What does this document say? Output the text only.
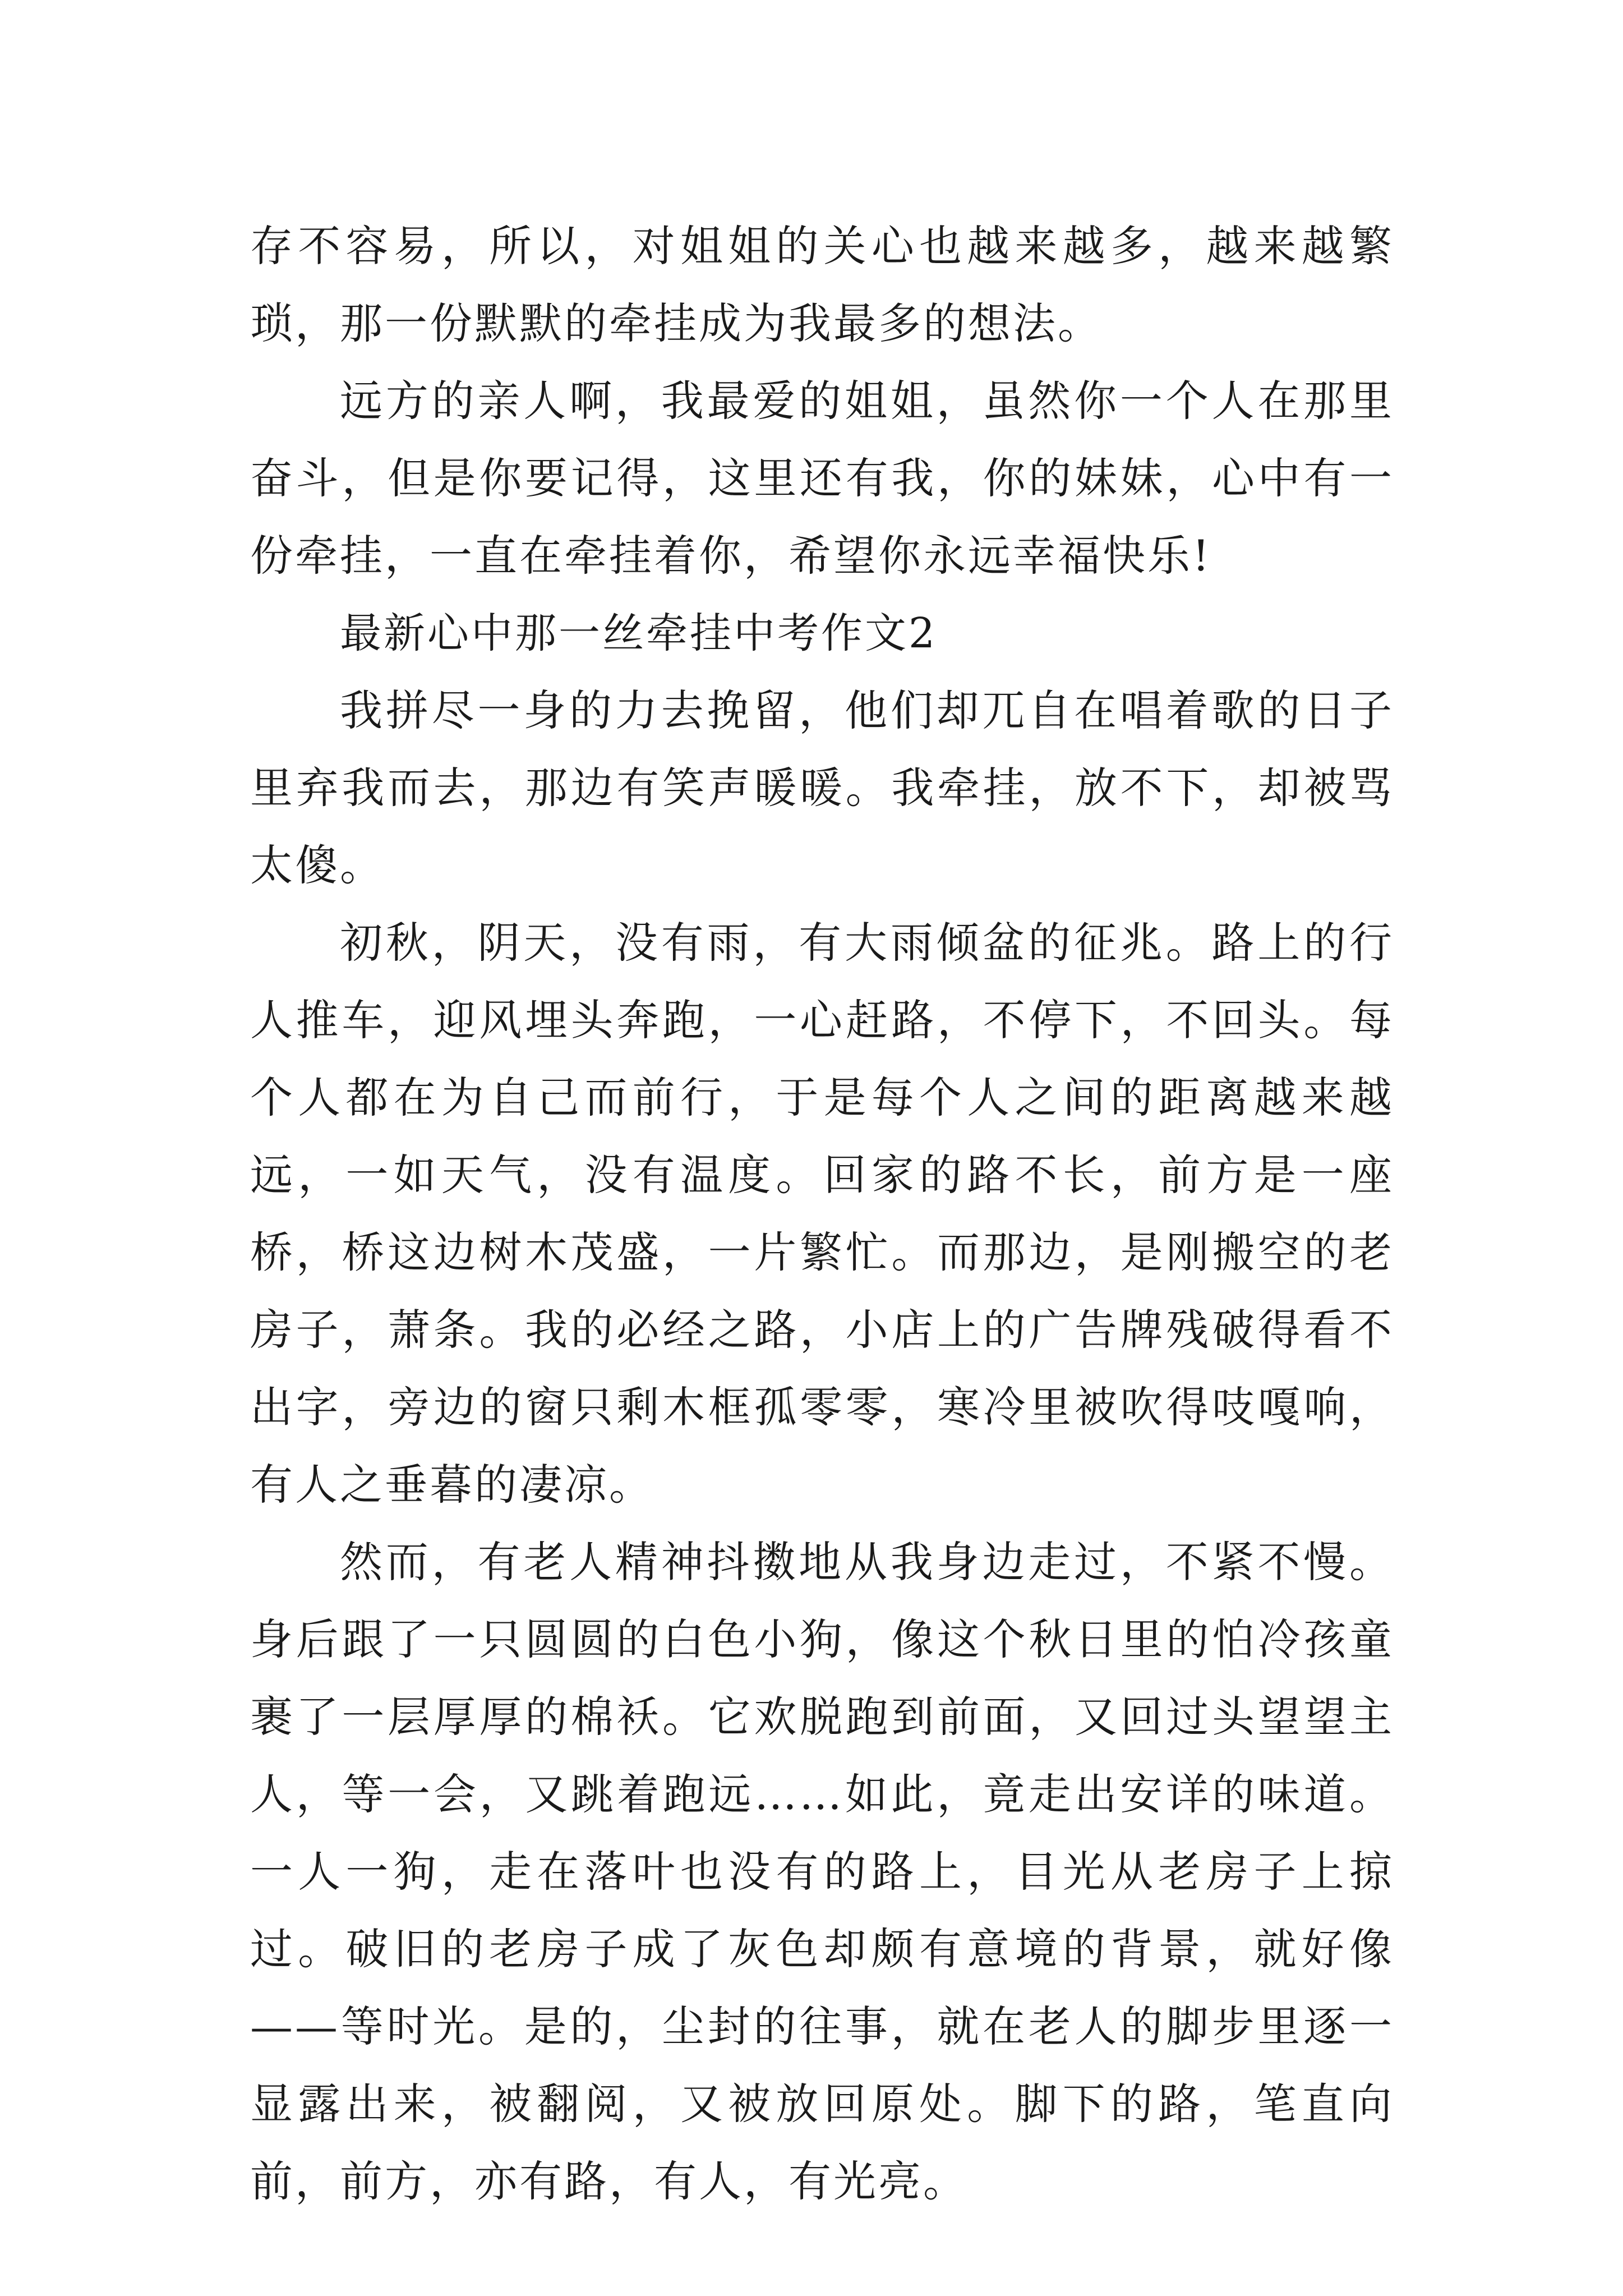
存不容易，所以，对姐姐的关心也越来越多，越来越繁琐，那一份默默的牵挂成为我最多的想法。

远方的亲人啊，我最爱的姐姐，虽然你一个人在那里奋斗，但是你要记得，这里还有我，你的妹妹，心中有一份牵挂，一直在牵挂着你，希望你永远幸福快乐!

最新心中那一丝牵挂中考作文2

我拼尽一身的力去挽留，他们却兀自在唱着歌的日子里弃我而去，那边有笑声暖暖。我牵挂，放不下，却被骂太傻。

初秋，阴天，没有雨，有大雨倾盆的征兆。路上的行人推车，迎风埋头奔跑，一心赶路，不停下，不回头。每个人都在为自己而前行，于是每个人之间的距离越来越远，一如天气，没有温度。回家的路不长，前方是一座桥，桥这边树木茂盛，一片繁忙。而那边，是刚搬空的老房子，萧条。我的必经之路，小店上的广告牌残破得看不出字，旁边的窗只剩木框孤零零，寒冷里被吹得吱嘎响，有人之垂暮的凄凉。

然而，有老人精神抖擞地从我身边走过，不紧不慢。身后跟了一只圆圆的白色小狗，像这个秋日里的怕冷孩童裹了一层厚厚的棉袄。它欢脱跑到前面，又回过头望望主人，等一会，又跳着跑远……如此，竟走出安详的味道。一人一狗，走在落叶也没有的路上，目光从老房子上掠过。破旧的老房子成了灰色却颇有意境的背景，就好像——等时光。是的，尘封的往事，就在老人的脚步里逐一显露出来，被翻阅，又被放回原处。脚下的路，笔直向前，前方，亦有路，有人，有光亮。
